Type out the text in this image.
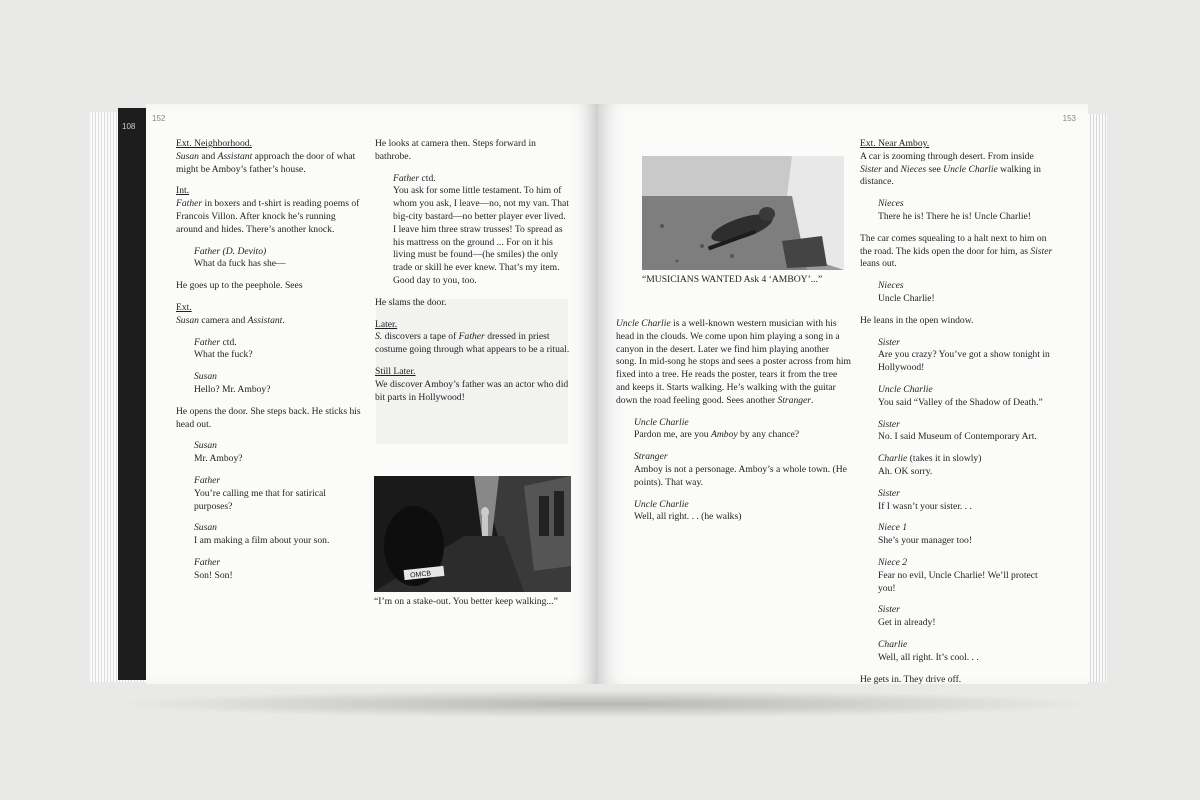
108
152

Ext. Neighborhood.
Susan and Assistant approach the door of what might be Amboy’s father’s house.

Int.
Father in boxers and t-shirt is reading poems of Francois Villon. After knock he’s running around and hides. There’s another knock.

Father (D. Devito)
What da fuck has she—

He goes up to the peephole. Sees

Ext.
Susan camera and Assistant.

Father ctd.
What the fuck?

Susan
Hello? Mr. Amboy?

He opens the door. She steps back. He sticks his head out.

Susan
Mr. Amboy?

Father
You’re calling me that for satirical purposes?

Susan
I am making a film about your son.

Father
Son! Son!

He looks at camera then. Steps forward in bathrobe.

Father ctd.
You ask for some little testament. To him of whom you ask, I leave—no, not my van. That big-city bastard—no better player ever lived. I leave him three straw trusses! To spread as his mattress on the ground ... For on it his living must be found—(he smiles) the only trade or skill he ever knew. That’s my item. Good day to you, too.

He slams the door.

Later.
S. discovers a tape of Father dressed in priest costume going through what appears to be a ritual.

Still Later.
We discover Amboy’s father was an actor who did bit parts in Hollywood!

OMCB
“I’m on a stake-out. You better keep walking...”
153
“MUSICIANS WANTED Ask 4 ‘AMBOY’...”

Uncle Charlie is a well-known western musician with his head in the clouds. We come upon him playing a song in a canyon in the desert. Later we find him playing another song. In mid-song he stops and sees a poster across from him fixed into a tree. He reads the poster, tears it from the tree and keeps it. Starts walking. He’s walking with the guitar down the road feeling good. Sees another Stranger.

Uncle Charlie
Pardon me, are you Amboy by any chance?

Stranger
Amboy is not a personage. Amboy’s a whole town. (He points). That way.

Uncle Charlie
Well, all right. . . (he walks)

Ext. Near Amboy.
A car is zooming through desert. From inside Sister and Nieces see Uncle Charlie walking in distance.

Nieces
There he is! There he is! Uncle Charlie!

The car comes squealing to a halt next to him on the road. The kids open the door for him, as Sister leans out.

Nieces
Uncle Charlie!

He leans in the open window.

Sister
Are you crazy? You’ve got a show tonight in Hollywood!

Uncle Charlie
You said “Valley of the Shadow of Death.”

Sister
No. I said Museum of Contemporary Art.

Charlie (takes it in slowly)
Ah. OK sorry.

Sister
If I wasn’t your sister. . .

Niece 1
She’s your manager too!

Niece 2
Fear no evil, Uncle Charlie! We’ll protect you!

Sister
Get in already!

Charlie
Well, all right. It’s cool. . .

He gets in. They drive off.
